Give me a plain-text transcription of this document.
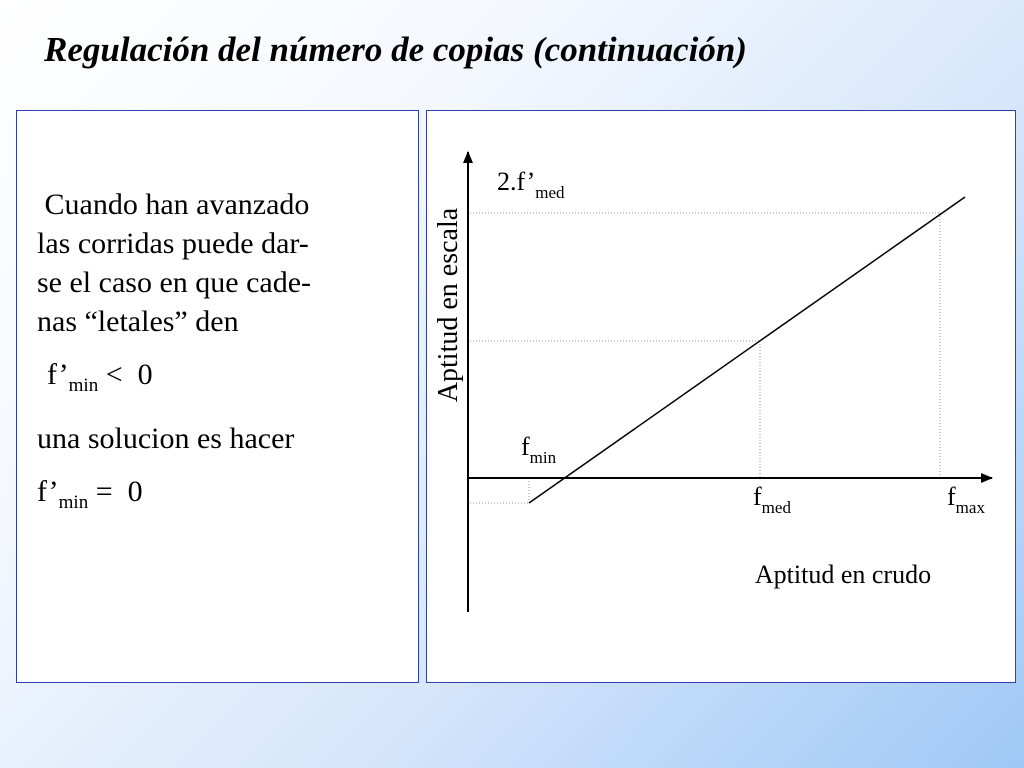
Regulación del número de copias (continuación)
Cuando han avanzado
las corridas puede dar-
se el caso en que cade-
nas “letales” den
$f’_{min} < 0$
una solucion es hacer
$f’_{min} = 0$
Aptitud en escala
$2.f’_{med}$
$f_{min}$
$f_{med}$	$f_{max}$
Aptitud en crudo
